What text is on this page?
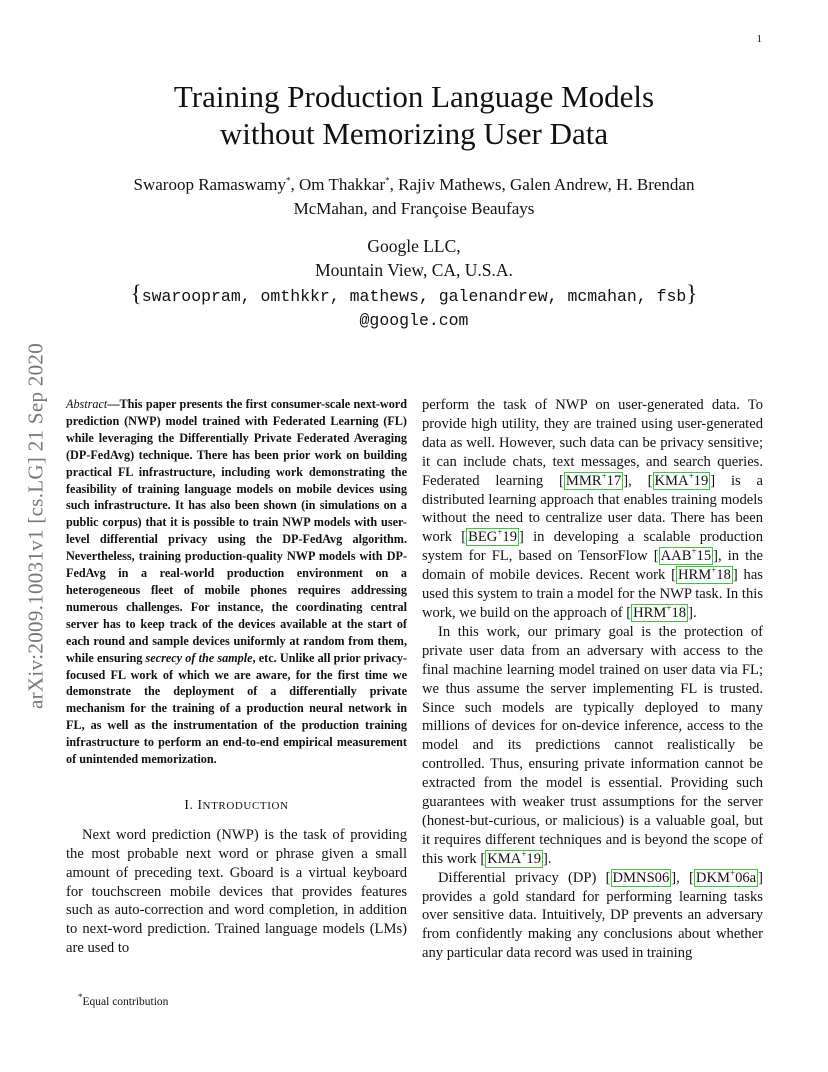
1
arXiv:2009.10031v1 [cs.LG] 21 Sep 2020
Training Production Language Models
without Memorizing User Data
Swaroop Ramaswamy*, Om Thakkar*, Rajiv Mathews, Galen Andrew, H. Brendan
McMahan, and Françoise Beaufays
Google LLC,
Mountain View, CA, U.S.A.
{swaroopram, omthkkr, mathews, galenandrew, mcmahan, fsb}
@google.com
Abstract—This paper presents the first consumer-scale next-word prediction (NWP) model trained with Federated Learning (FL) while leveraging the Differentially Private Federated Averaging (DP-FedAvg) technique. There has been prior work on building practical FL infrastructure, including work demonstrating the feasibility of training language models on mobile devices using such infrastructure. It has also been shown (in simulations on a public corpus) that it is possible to train NWP models with user-level differential privacy using the DP-FedAvg algorithm. Nevertheless, training production-quality NWP models with DP-FedAvg in a real-world production environment on a heterogeneous fleet of mobile phones requires addressing numerous challenges. For instance, the coordinating central server has to keep track of the devices available at the start of each round and sample devices uniformly at random from them, while ensuring secrecy of the sample, etc. Unlike all prior privacy-focused FL work of which we are aware, for the first time we demonstrate the deployment of a differentially private mechanism for the training of a production neural network in FL, as well as the instrumentation of the production training infrastructure to perform an end-to-end empirical measurement of unintended memorization.
I. INTRODUCTION

Next word prediction (NWP) is the task of providing the most probable next word or phrase given a small amount of preceding text. Gboard is a virtual keyboard for touchscreen mobile devices that provides features such as auto-correction and word completion, in addition to next-word prediction. Trained language models (LMs) are used to

perform the task of NWP on user-generated data. To provide high utility, they are trained using user-generated data as well. However, such data can be privacy sensitive; it can include chats, text messages, and search queries. Federated learning [ MMR+17 ], [ KMA+19 ] is a distributed learning approach that enables training models without the need to centralize user data. There has been work [ BEG+19 ] in developing a scalable production system for FL, based on TensorFlow [ AAB+15 ], in the domain of mobile devices. Recent work [ HRM+18 ] has used this system to train a model for the NWP task. In this work, we build on the approach of [ HRM+18 ].

In this work, our primary goal is the protection of private user data from an adversary with access to the final machine learning model trained on user data via FL; we thus assume the server implementing FL is trusted. Since such models are typically deployed to many millions of devices for on-device inference, access to the model and its predictions cannot realistically be controlled. Thus, ensuring private information cannot be extracted from the model is essential. Providing such guarantees with weaker trust assumptions for the server (honest-but-curious, or malicious) is a valuable goal, but it requires different techniques and is beyond the scope of this work [ KMA+19 ].

Differential privacy (DP) [ DMNS06 ], [ DKM+06a ] provides a gold standard for performing learning tasks over sensitive data. Intuitively, DP prevents an adversary from confidently making any conclusions about whether any particular data record was used in training

*Equal contribution
